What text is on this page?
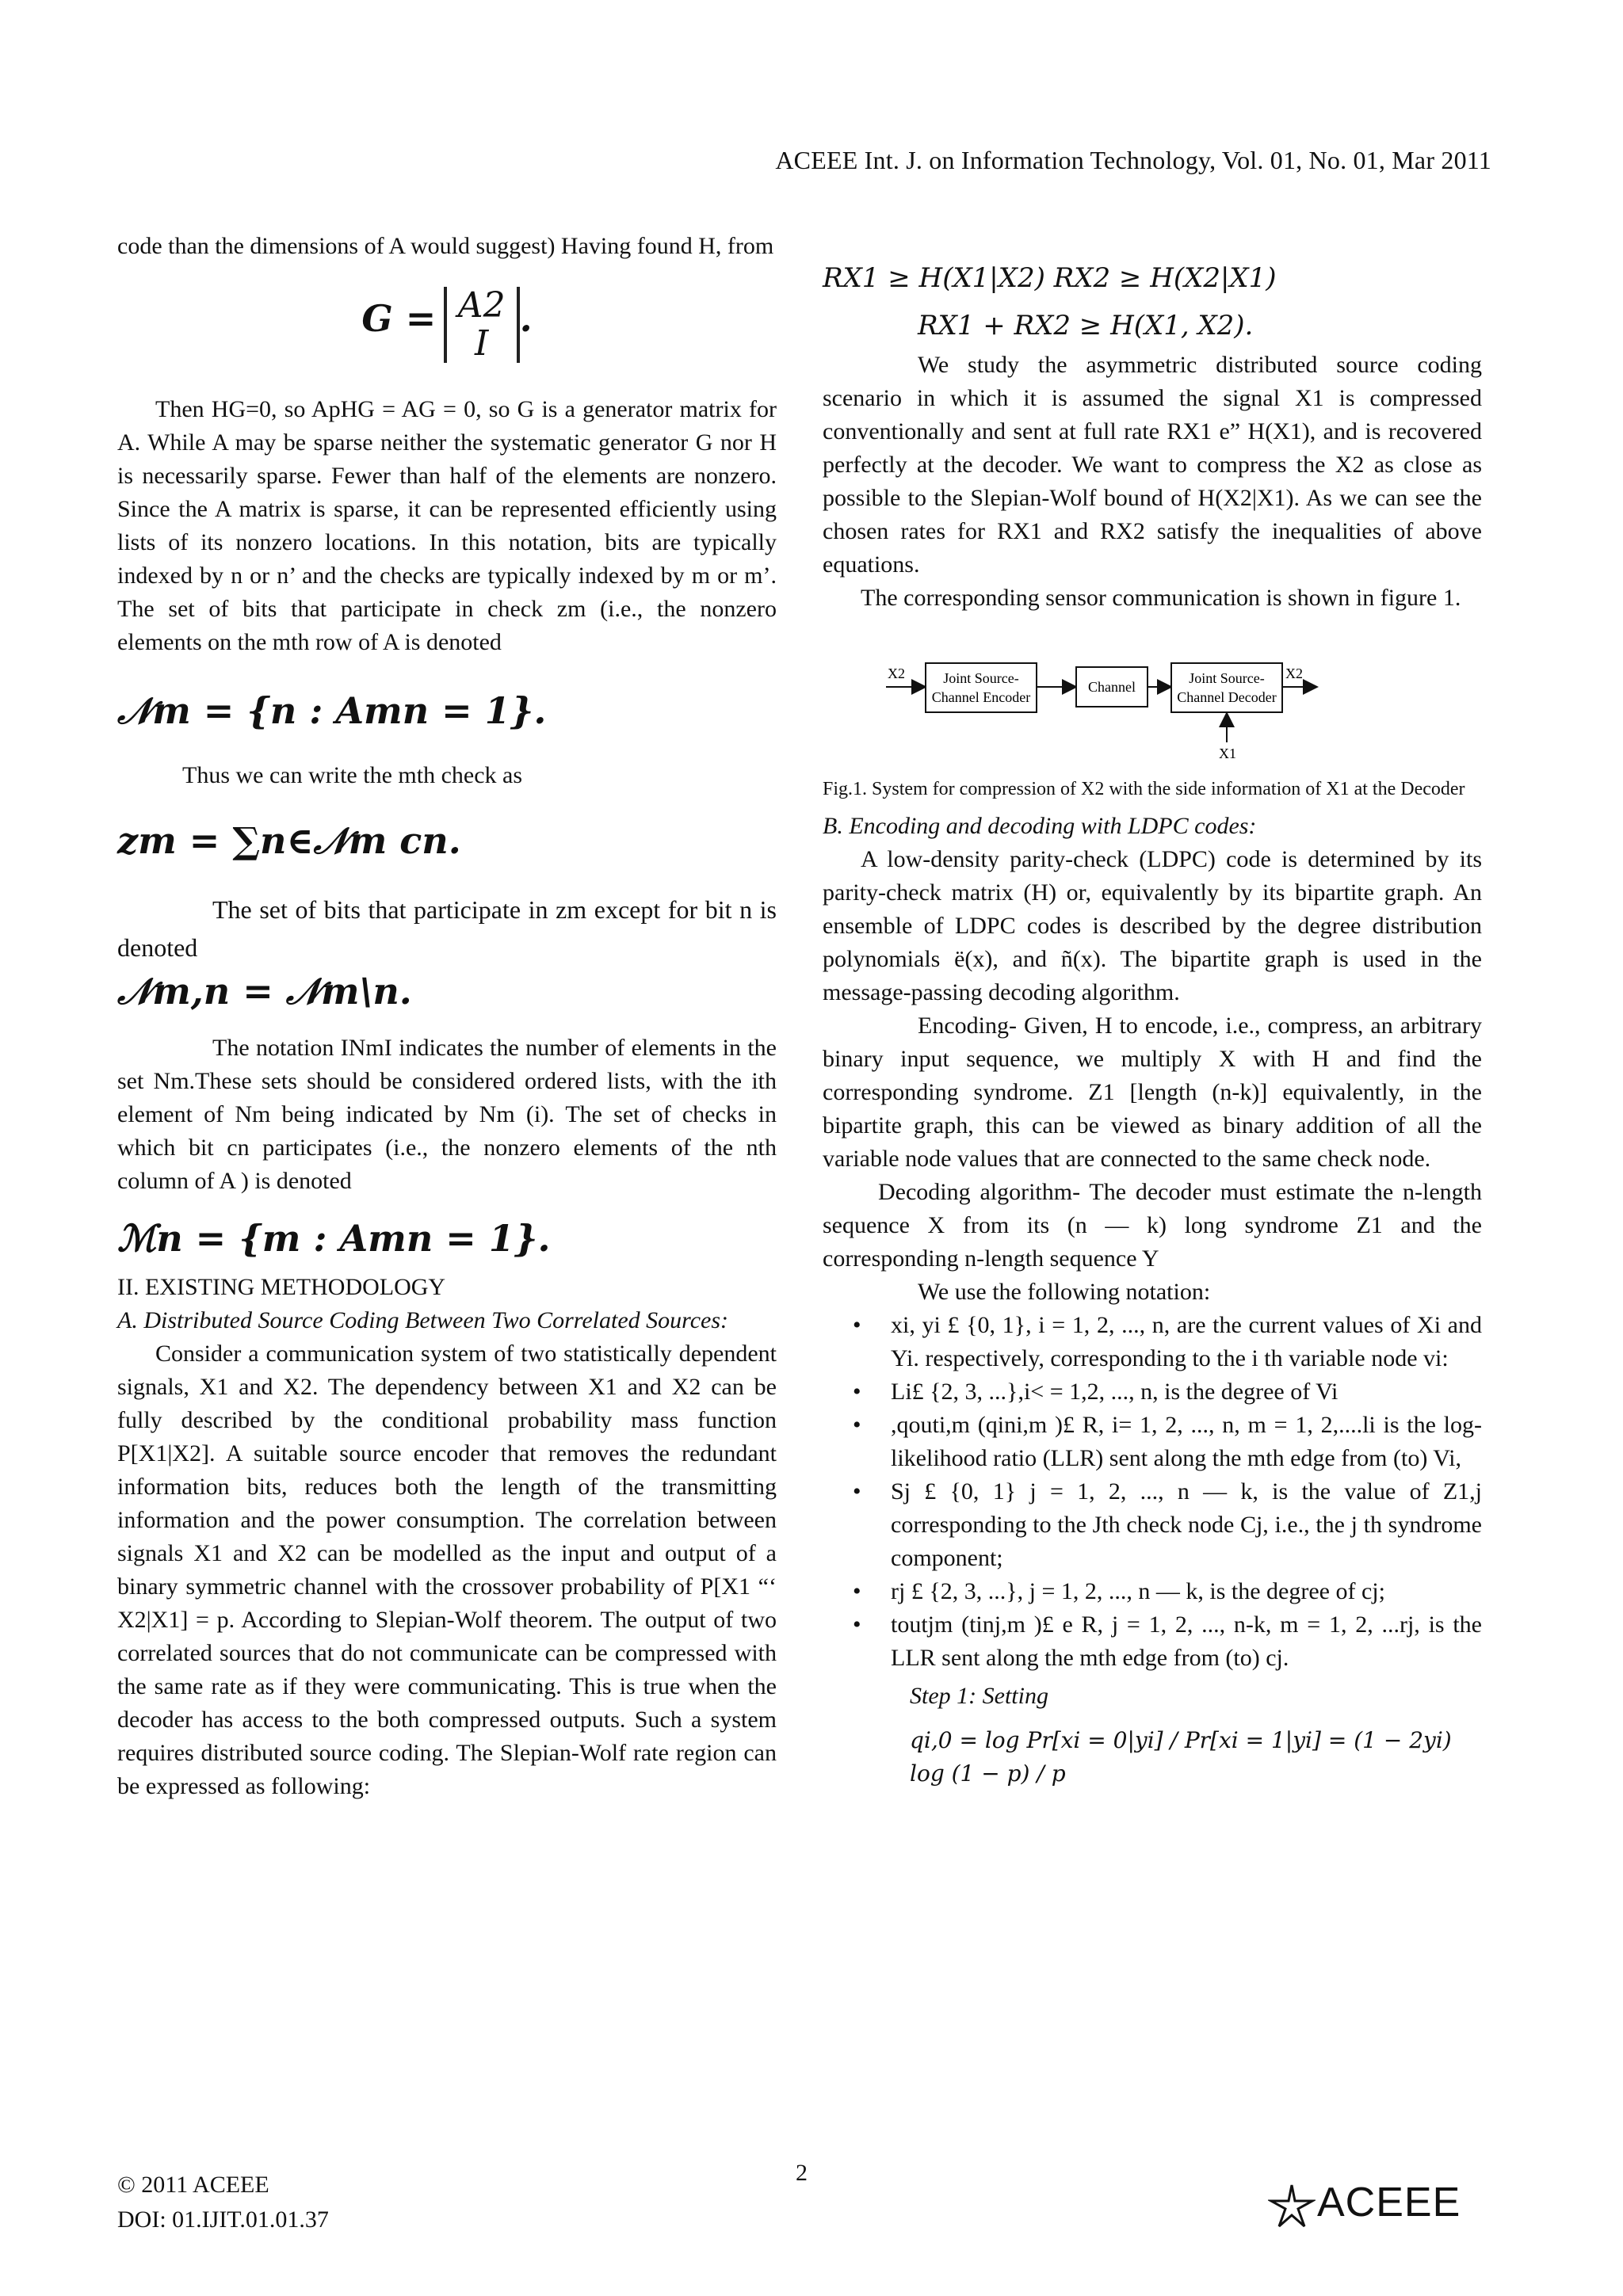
ACEEE Int. J. on Information Technology, Vol. 01, No. 01, Mar 2011

code than the dimensions of A would suggest) Having found H, from

G = A2
I
.

Then HG=0, so ApHG = AG = 0, so G is a generator matrix for A. While A may be sparse neither the systematic generator G nor H is necessarily sparse. Fewer than half of the elements are nonzero. Since the A matrix is sparse, it can be represented efficiently using lists of its nonzero locations. In this notation, bits are typically indexed by n or n’ and the checks are typically indexed by m or m’. The set of bits that participate in check zm (i.e., the nonzero elements on the mth row of A is denoted

𝒩m = {n : Amn = 1}.

Thus we can write the mth check as

zm = ∑n∈𝒩m cn.

The set of bits that participate in zm except for bit n is denoted

𝒩m,n = 𝒩m\n.

The notation INmI indicates the number of elements in the set Nm.These sets should be considered ordered lists, with the ith element of Nm being indicated by Nm (i). The set of checks in which bit cn participates (i.e., the nonzero elements of the nth column of A ) is denoted

ℳn = {m : Amn = 1}.

II. EXISTING METHODOLOGY

A. Distributed Source Coding Between Two Correlated Sources:

Consider a communication system of two statistically dependent signals, X1 and X2. The dependency between X1 and X2 can be fully described by the conditional probability mass function P[X1|X2]. A suitable source encoder that removes the redundant information bits, reduces both the length of the transmitting information and the power consumption. The correlation between signals X1 and X2 can be modelled as the input and output of a binary symmetric channel with the crossover probability of P[X1 “‘ X2|X1] = p. According to Slepian-Wolf theorem. The output of two correlated sources that do not communicate can be compressed with the same rate as if they were communicating. This is true when the decoder has access to the both compressed outputs. Such a system requires distributed source coding. The Slepian-Wolf rate region can be expressed as following:

RX1 ≥ H(X1|X2) RX2 ≥ H(X2|X1)

RX1 + RX2 ≥ H(X1, X2).

We study the asymmetric distributed source coding scenario in which it is assumed the signal X1 is compressed conventionally and sent at full rate RX1 e” H(X1), and is recovered perfectly at the decoder. We want to compress the X2 as close as possible to the Slepian-Wolf bound of H(X2|X1). As we can see the chosen rates for RX1 and RX2 satisfy the inequalities of above equations.

The corresponding sensor communication is shown in figure 1.

X2	Joint Source-
Channel Encoder
Channel
Joint Source-
Channel Decoder
X2
X1

Fig.1. System for compression of X2 with the side information of X1 at the Decoder

B. Encoding and decoding with LDPC codes:

A low-density parity-check (LDPC) code is determined by its parity-check matrix (H) or, equivalently by its bipartite graph. An ensemble of LDPC codes is described by the degree distribution polynomials ë(x), and ñ(x). The bipartite graph is used in the message-passing decoding algorithm.

Encoding- Given, H to encode, i.e., compress, an arbitrary binary input sequence, we multiply X with H and find the corresponding syndrome. Z1 [length (n-k)] equivalently, in the bipartite graph, this can be viewed as binary addition of all the variable node values that are connected to the same check node.

Decoding algorithm- The decoder must estimate the n-length sequence X from its (n — k) long syndrome Z1 and the corresponding n-length sequence Y

We use the following notation:

• xi, yi £ {0, 1}, i = 1, 2, ..., n, are the current values of Xi and Yi. respectively, corresponding to the i th variable node vi:

• Li£ {2, 3, ...},i< = 1,2, ..., n, is the degree of Vi

• ,qouti,m (qini,m )£ R, i= 1, 2, ..., n, m = 1, 2,....li is the log-likelihood ratio (LLR) sent along the mth edge from (to) Vi,

• Sj £ {0, 1} j = 1, 2, ..., n — k, is the value of Z1,j corresponding to the Jth check node Cj, i.e., the j th syndrome component;

• rj £ {2, 3, ...}, j = 1, 2, ..., n — k, is the degree of cj;

• toutjm (tinj,m )£ e R, j = 1, 2, ..., n-k, m = 1, 2, ...rj, is the LLR sent along the mth edge from (to) cj.

Step 1: Setting

qi,0 = log Pr[xi = 0|yi] / Pr[xi = 1|yi] = (1 − 2yi) log (1 − p) / p

© 2011 ACEEE
DOI: 01.IJIT.01.01.37
2
ACEEE
